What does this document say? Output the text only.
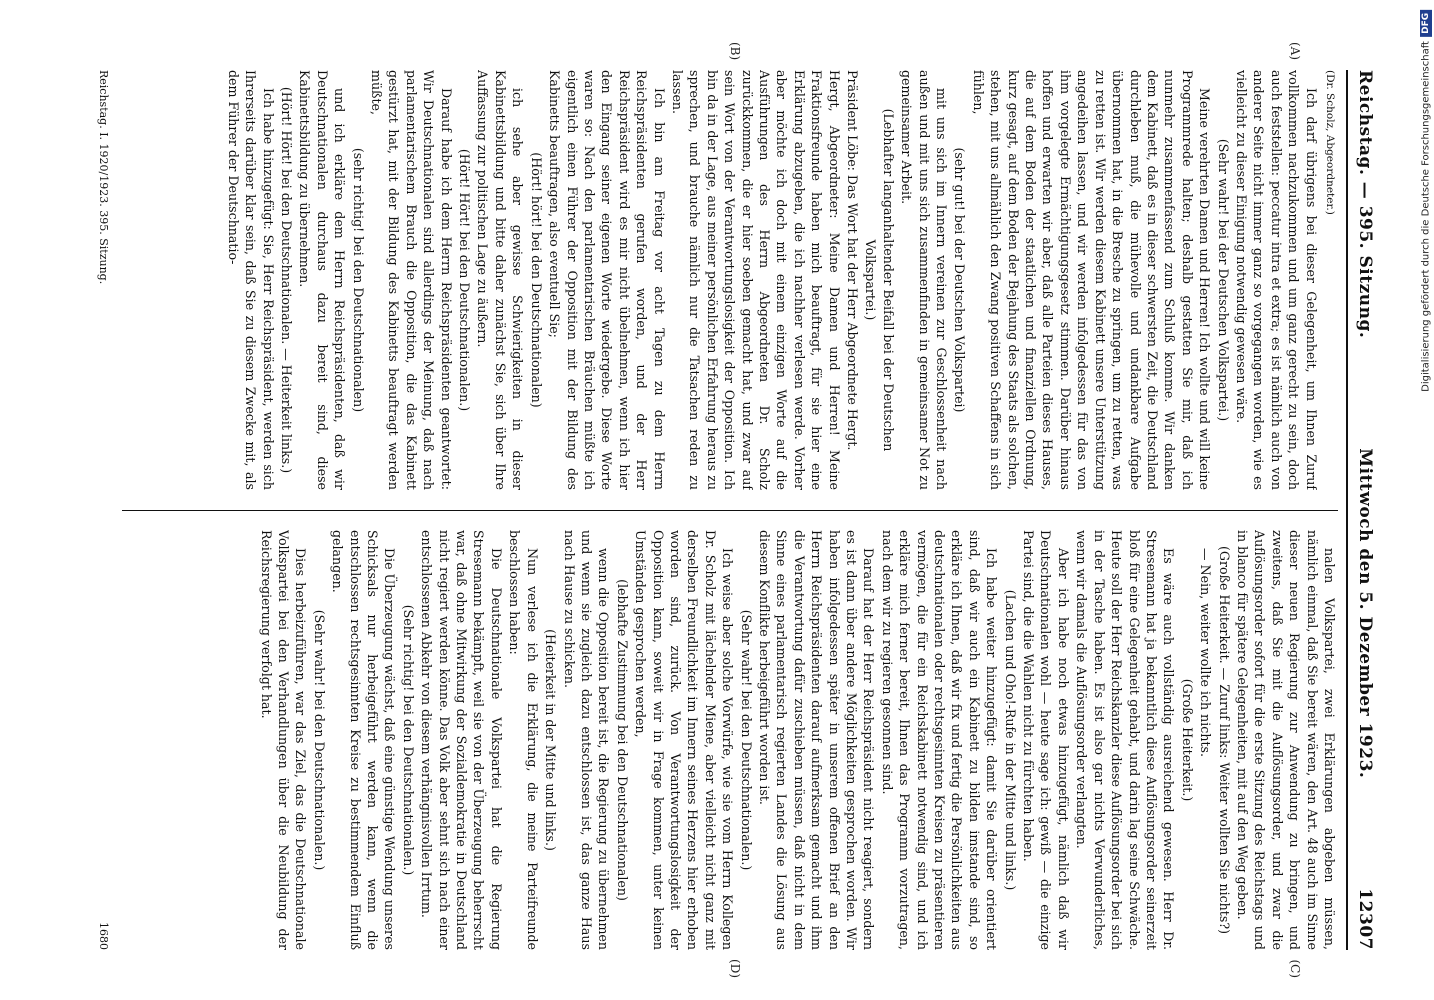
Reichstag. — 395. Sitzung.
Mittwoch den 5. Dezember 1923.
12307
(A)
(B)
(C)
(D)

(Dr. Scholz, Abgeordneter.)

Ich darf übrigens bei dieser Gelegenheit, um Ihnen Zuruf vollkommen nachzukommen und um ganz gerecht zu sein, doch auch feststellen: peccatur intra et extra; es ist nämlich auch von anderer Seite nicht immer ganz so vorgegangen worden, wie es vielleicht zu dieser Einigung notwendig gewesen wäre.

(Sehr wahr! bei der Deutschen Volkspartei.)

Meine verehrten Damen und Herren! Ich wollte und will keine Programmrede halten; deshalb gestatten Sie mir, daß ich nunmehr zusammenfassend zum Schluß komme. Wir danken dem Kabinett, daß es in dieser schwersten Zeit, die Deutschland durchleben muß, die mühevolle und undankbare Aufgabe übernommen hat, in die Bresche zu springen, um zu retten, was zu retten ist. Wir werden diesem Kabinett unsere Unterstützung angedeihen lassen, und wir werden infolgedessen für das von ihm vorgelegte Ermächtigungsgesetz stimmen. Darüber hinaus hoffen und erwarten wir aber, daß alle Parteien dieses Hauses, die auf dem Boden der staatlichen und finanziellen Ordnung, kurz gesagt, auf dem Boden der Bejahung des Staats als solchen, stehen, mit uns allmählich den Zwang positiven Schaffens in sich fühlen,

(sehr gut! bei der Deutschen Volkspartei)

mit uns sich im Innern vereinen zur Geschlossenheit nach außen und mit uns sich zusammenfinden in gemeinsamer Not zu gemeinsamer Arbeit.

(Lebhafter langanhaltender Beifall bei der Deutschen Volkspartei.)

Präsident Löbe: Das Wort hat der Herr Abgeordnete Hergt.

Hergt, Abgeordneter: Meine Damen und Herren! Meine Fraktionsfreunde haben mich beauftragt, für sie hier eine Erklärung abzugeben, die ich nachher verlesen werde. Vorher aber möchte ich doch mit einem einzigen Worte auf die Ausführungen des Herrn Abgeordneten Dr. Scholz zurückkommen, die er hier soeben gemacht hat, und zwar auf sein Wort von der Verantwortungslosigkeit der Opposition. Ich bin da in der Lage, aus meiner persönlichen Erfahrung heraus zu sprechen, und brauche nämlich nur die Tatsachen reden zu lassen.

Ich bin am Freitag vor acht Tagen zu dem Herrn Reichspräsidenten gerufen worden, und der Herr Reichspräsident wird es mir nicht übelnehmen, wenn ich hier den Eingang seiner eigenen Worte wiedergebe. Diese Worte waren so: Nach den parlamentarischen Bräuchen müßte ich eigentlich einen Führer der Opposition mit der Bildung des Kabinetts beauftragen, also eventuell Sie;

(Hört! hört! bei den Deutschnationalen)

ich sehe aber gewisse Schwierigkeiten in dieser Kabinettsbildung und bitte daher zunächst Sie, sich über Ihre Auffassung zur politischen Lage zu äußern.

(Hört! Hört! bei den Deutschnationalen.)

Darauf habe ich dem Herrn Reichspräsidenten geantwortet: Wir Deutschnationalen sind allerdings der Meinung, daß nach parlamentarischem Brauch die Opposition, die das Kabinett gestürzt hat, mit der Bildung des Kabinetts beauftragt werden müßte,

(sehr richtig! bei den Deutschnationalen)

und ich erkläre dem Herrn Reichspräsidenten, daß wir Deutschnationalen durchaus dazu bereit sind, diese Kabinettsbildung zu übernehmen.

(Hört! Hört! bei den Deutschnationalen. — Heiterkeit links.)

Ich habe hinzugefügt: Sie, Herr Reichspräsident, werden sich Ihrerseits darüber klar sein, daß Sie zu diesem Zwecke mit, als dem Führer der Deutschnatio-

nalen Volkspartei, zwei Erklärungen abgeben müssen, nämlich einmal, daß Sie bereit wären, den Art. 48 auch im Sinne dieser neuen Regierung zur Anwendung zu bringen, und zweitens, daß Sie mit die Auflösungsorder, und zwar die Auflösungsorder sofort für die erste Sitzung des Reichstags und in blanco für spätere Gelegenheiten, mit auf den Weg geben.

(Große Heiterkeit. — Zuruf links: Weiter wollten Sie nichts?)

— Nein, weiter wollte ich nichts.

(Große Heiterkeit.)

Es wäre auch vollständig ausreichend gewesen. Herr Dr. Stresemann hat ja bekanntlich diese Auflösungsorder seinerzeit bloß für eine Gelegenheit gehabt, und darin lag seine Schwäche. Heute soll der Herr Reichskanzler diese Auflösungsorder bei sich in der Tasche haben. Es ist also gar nichts Verwunderliches, wenn wir damals die Auflösungsorder verlangten.

Aber ich habe noch etwas hinzugefügt, nämlich daß wir Deutschnationalen wohl — heute sage ich: gewiß — die einzige Partei sind, die die Wahlen nicht zu fürchten haben.

(Lachen und Oho!-Rufe in der Mitte und links.)

Ich habe weiter hinzugefügt: damit Sie darüber orientiert sind, daß wir auch ein Kabinett zu bilden imstande sind, so erkläre ich Ihnen, daß wir fix und fertig die Persönlichkeiten aus deutschnationalen oder rechtsgesinnten Kreisen zu präsentieren vermögen, die für ein Reichskabinett notwendig sind, und ich erkläre mich ferner bereit, Ihnen das Programm vorzutragen, nach dem wir zu regieren gesonnen sind.

Darauf hat der Herr Reichspräsident nicht reagiert, sondern es ist dann über andere Möglichkeiten gesprochen worden. Wir haben infolgedessen später in unserem offenen Brief an den Herrn Reichspräsidenten darauf aufmerksam gemacht und ihm die Verantwortung dafür zuschieben müssen, daß nicht in dem Sinne eines parlamentarisch regierten Landes die Lösung aus diesem Konflikte herbeigeführt worden ist.

(Sehr wahr! bei den Deutschnationalen.)

Ich weise aber solche Vorwürfe, wie sie vom Herrn Kollegen Dr. Scholz mit lächelnder Miene, aber vielleicht nicht ganz mit derselben Freundlichkeit im Innern seines Herzens hier erhoben worden sind, zurück. Von Verantwortungslosigkeit der Opposition kann, soweit wir in Frage kommen, unter keinen Umständen gesprochen werden,

(lebhafte Zustimmung bei den Deutschnationalen)

wenn die Opposition bereit ist, die Regierung zu übernehmen und wenn sie zugleich dazu entschlossen ist, das ganze Haus nach Hause zu schicken.

(Heiterkeit in der Mitte und links.)

Nun verlese ich die Erklärung, die meine Parteifreunde beschlossen haben:

Die Deutschnationale Volkspartei hat die Regierung Stresemann bekämpft, weil sie von der Überzeugung beherrscht war, daß ohne Mitwirkung der Sozialdemokratie in Deutschland nicht regiert werden könne. Das Volk aber sehnt sich nach einer entschlossenen Abkehr von diesem verhängnisvollen Irrtum.

(Sehr richtig! bei den Deutschnationalen.)

Die Überzeugung wächst, daß eine günstige Wendung unseres Schicksals nur herbeigeführt werden kann, wenn die entschlossen rechtsgesinnten Kreise zu bestimmendem Einfluß gelangen.

(Sehr wahr! bei den Deutschnationalen.)

Dies herbeizuführen, war das Ziel, das die Deutschnationale Volkspartei bei den Verhandlungen über die Neubildung der Reichsregierung verfolgt hat.

Reichstag. I. 1920/1923. 395. Sitzung.
1680
Digitalisierung gefördert durch die Deutsche Forschungsgemeinschaft
DFG
